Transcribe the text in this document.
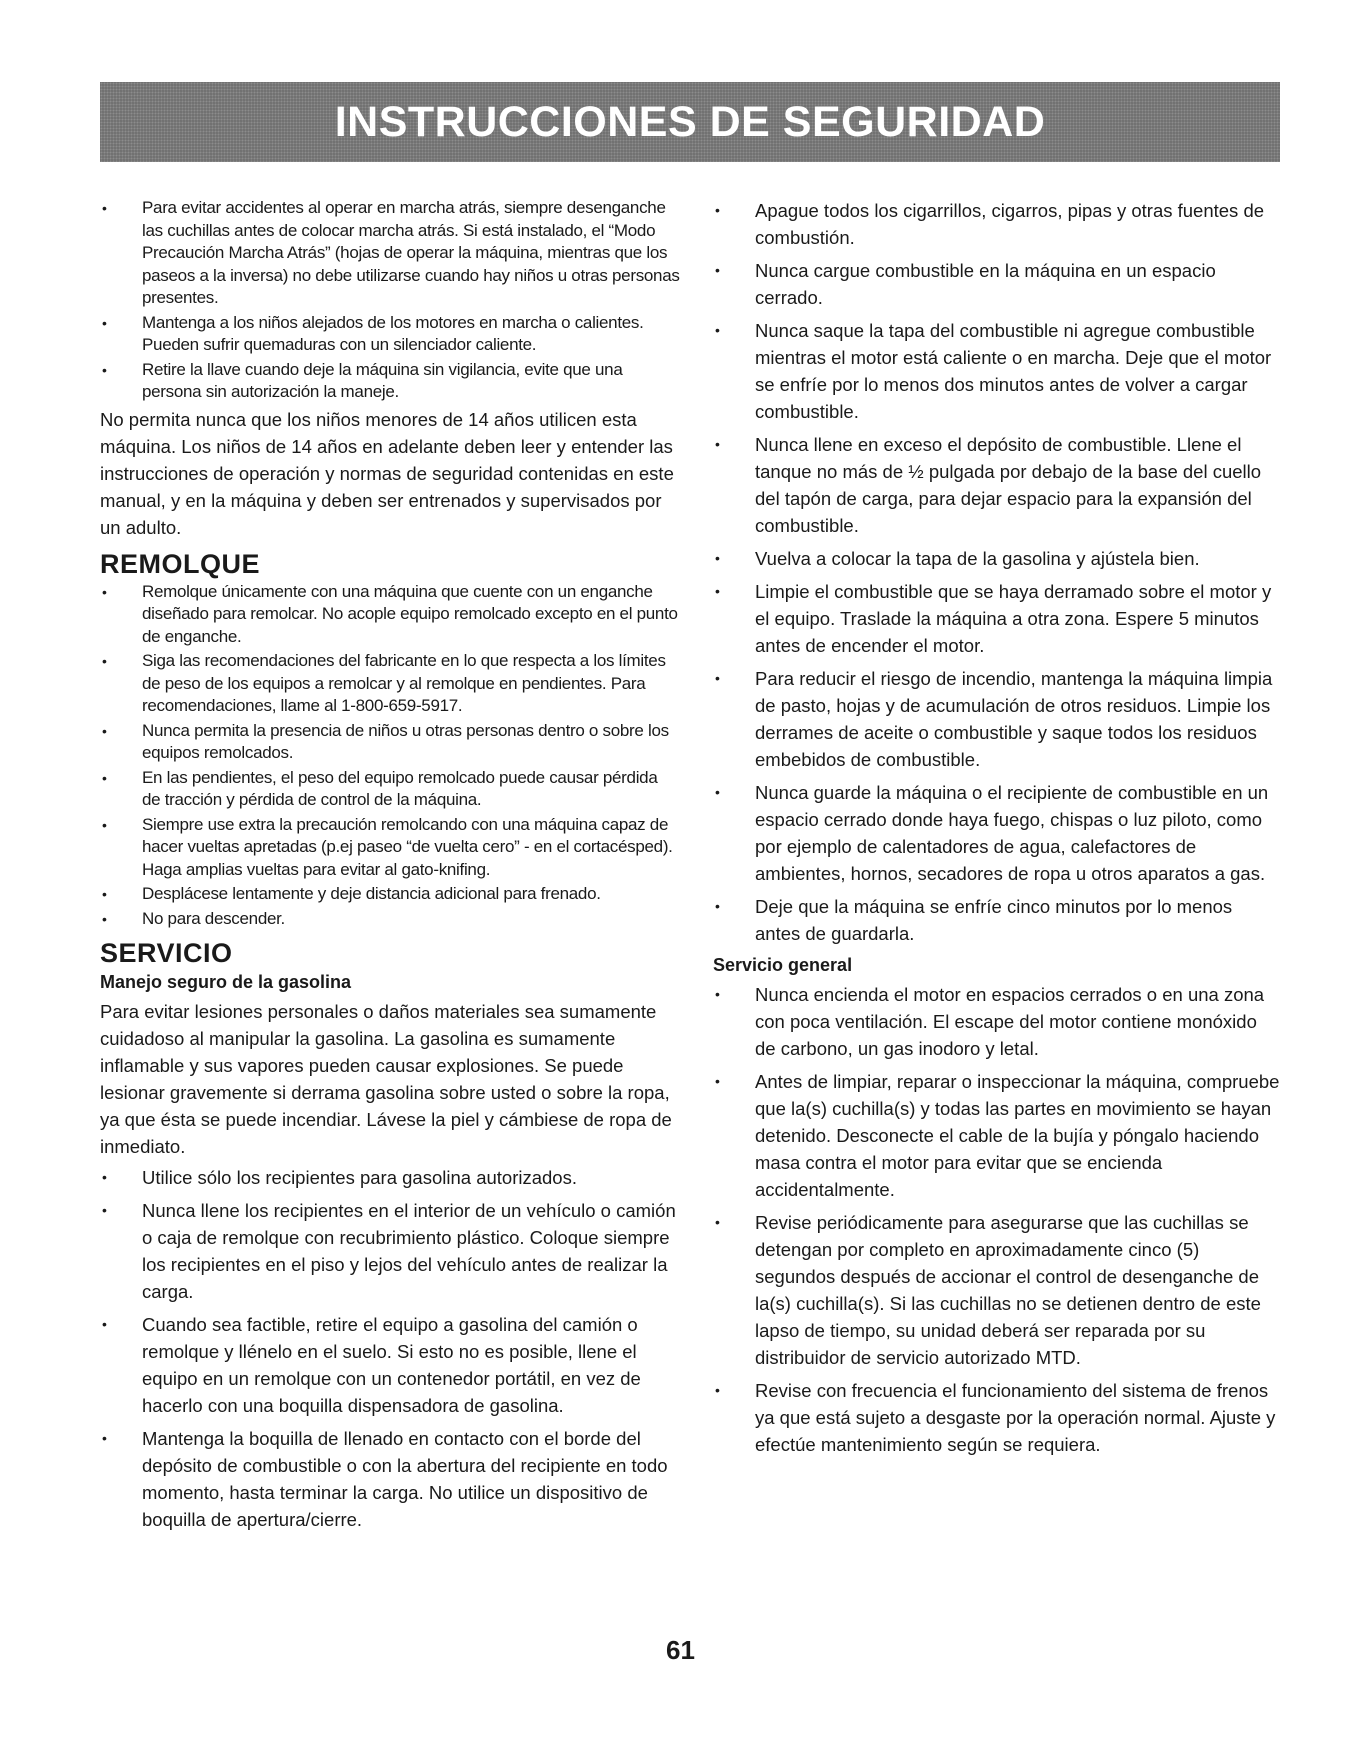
INSTRUCCIONES DE SEGURIDAD
• Para evitar accidentes al operar en marcha atrás, siempre desenganche las cuchillas antes de colocar marcha atrás. Si está instalado, el “Modo Precaución Marcha Atrás” (hojas de operar la máquina, mientras que los paseos a la inversa) no debe utilizarse cuando hay niños u otras personas presentes.
• Mantenga a los niños alejados de los motores en marcha o calientes. Pueden sufrir quemaduras con un silenciador caliente.
• Retire la llave cuando deje la máquina sin vigilancia, evite que una persona sin autorización la maneje.

No permita nunca que los niños menores de 14 años utilicen esta máquina. Los niños de 14 años en adelante deben leer y entender las instrucciones de operación y normas de seguridad contenidas en este manual, y en la máquina y deben ser entrenados y supervisados por un adulto.

REMOLQUE
• Remolque únicamente con una máquina que cuente con un enganche diseñado para remolcar. No acople equipo remolcado excepto en el punto de enganche.
• Siga las recomendaciones del fabricante en lo que respecta a los límites de peso de los equipos a remolcar y al remolque en pendientes. Para recomendaciones, llame al 1-800-659-5917.
• Nunca permita la presencia de niños u otras personas dentro o sobre los equipos remolcados.
• En las pendientes, el peso del equipo remolcado puede causar pérdida de tracción y pérdida de control de la máquina.
• Siempre use extra la precaución remolcando con una máquina capaz de hacer vueltas apretadas (p.ej paseo “de vuelta cero” - en el cortacésped). Haga amplias vueltas para evitar al gato-knifing.
• Desplácese lentamente y deje distancia adicional para frenado.
• No para descender.
SERVICIO
Manejo seguro de la gasolina

Para evitar lesiones personales o daños materiales sea sumamente cuidadoso al manipular la gasolina. La gasolina es sumamente inflamable y sus vapores pueden causar explosiones. Se puede lesionar gravemente si derrama gasolina sobre usted o sobre la ropa, ya que ésta se puede incendiar. Lávese la piel y cámbiese de ropa de inmediato.

• Utilice sólo los recipientes para gasolina autorizados.
• Nunca llene los recipientes en el interior de un vehículo o camión o caja de remolque con recubrimiento plástico. Coloque siempre los recipientes en el piso y lejos del vehículo antes de realizar la carga.
• Cuando sea factible, retire el equipo a gasolina del camión o remolque y llénelo en el suelo. Si esto no es posible, llene el equipo en un remolque con un contenedor portátil, en vez de hacerlo con una boquilla dispensadora de gasolina.
• Mantenga la boquilla de llenado en contacto con el borde del depósito de combustible o con la abertura del recipiente en todo momento, hasta terminar la carga. No utilice un dispositivo de boquilla de apertura/cierre.
• Apague todos los cigarrillos, cigarros, pipas y otras fuentes de combustión.
• Nunca cargue combustible en la máquina en un espacio cerrado.
• Nunca saque la tapa del combustible ni agregue combustible mientras el motor está caliente o en marcha. Deje que el motor se enfríe por lo menos dos minutos antes de volver a cargar combustible.
• Nunca llene en exceso el depósito de combustible. Llene el tanque no más de ½ pulgada por debajo de la base del cuello del tapón de carga, para dejar espacio para la expansión del combustible.
• Vuelva a colocar la tapa de la gasolina y ajústela bien.
• Limpie el combustible que se haya derramado sobre el motor y el equipo. Traslade la máquina a otra zona. Espere 5 minutos antes de encender el motor.
• Para reducir el riesgo de incendio, mantenga la máquina limpia de pasto, hojas y de acumulación de otros residuos. Limpie los derrames de aceite o combustible y saque todos los residuos embebidos de combustible.
• Nunca guarde la máquina o el recipiente de combustible en un espacio cerrado donde haya fuego, chispas o luz piloto, como por ejemplo de calentadores de agua, calefactores de ambientes, hornos, secadores de ropa u otros aparatos a gas.
• Deje que la máquina se enfríe cinco minutos por lo menos antes de guardarla.
Servicio general
• Nunca encienda el motor en espacios cerrados o en una zona con poca ventilación. El escape del motor contiene monóxido de carbono, un gas inodoro y letal.
• Antes de limpiar, reparar o inspeccionar la máquina, compruebe que la(s) cuchilla(s) y todas las partes en movimiento se hayan detenido. Desconecte el cable de la bujía y póngalo haciendo masa contra el motor para evitar que se encienda accidentalmente.
• Revise periódicamente para asegurarse que las cuchillas se detengan por completo en aproximadamente cinco (5) segundos después de accionar el control de desenganche de la(s) cuchilla(s). Si las cuchillas no se detienen dentro de este lapso de tiempo, su unidad deberá ser reparada por su distribuidor de servicio autorizado MTD.
• Revise con frecuencia el funcionamiento del sistema de frenos ya que está sujeto a desgaste por la operación normal. Ajuste y efectúe mantenimiento según se requiera.
61
